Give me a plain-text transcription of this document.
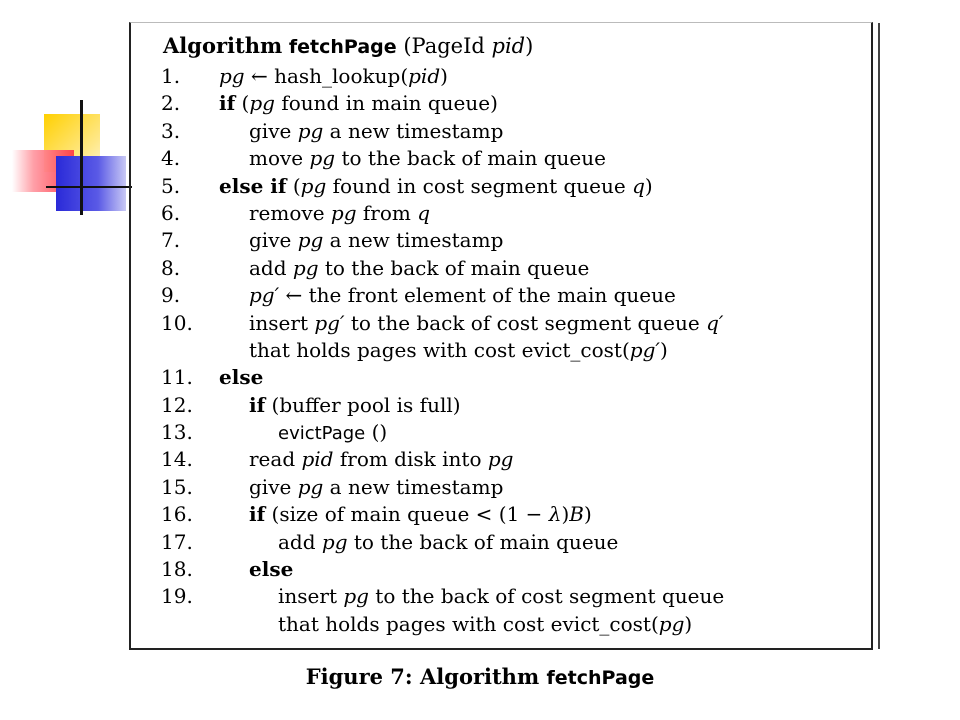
Algorithm fetchPage (PageId pid)
1.	pg ← hash_lookup(pid)
2.	if (pg found in main queue)
3.	give pg a new timestamp
4.	move pg to the back of main queue
5.	else if (pg found in cost segment queue q)
6.	remove pg from q
7.	give pg a new timestamp
8.	add pg to the back of main queue
9.	pg′ ← the front element of the main queue
10.	insert pg′ to the back of cost segment queue q′
that holds pages with cost evict_cost(pg′)
11.	else
12.	if (buffer pool is full)
13.	evictPage ()
14.	read pid from disk into pg
15.	give pg a new timestamp
16.	if (size of main queue < (1 − λ)B)
17.	add pg to the back of main queue
18.	else
19.	insert pg to the back of cost segment queue
that holds pages with cost evict_cost(pg)
Figure 7: Algorithm fetchPage
